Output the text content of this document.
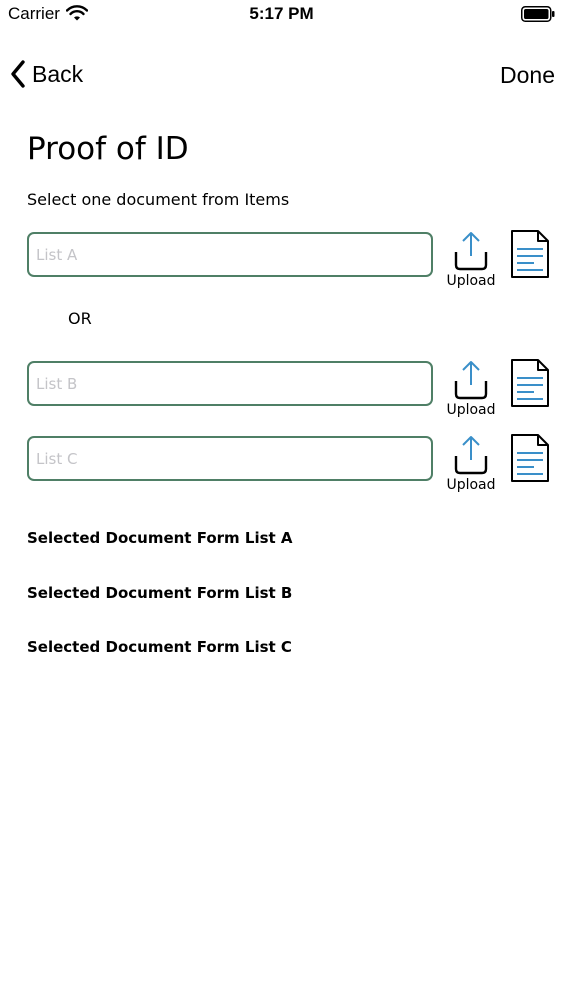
Carrier	5:17 PM
Back	Done
Proof of ID
Select one document from Items
List A
Upload
OR
List B
Upload
List C
Upload
Selected Document Form List A
Selected Document Form List B
Selected Document Form List C
